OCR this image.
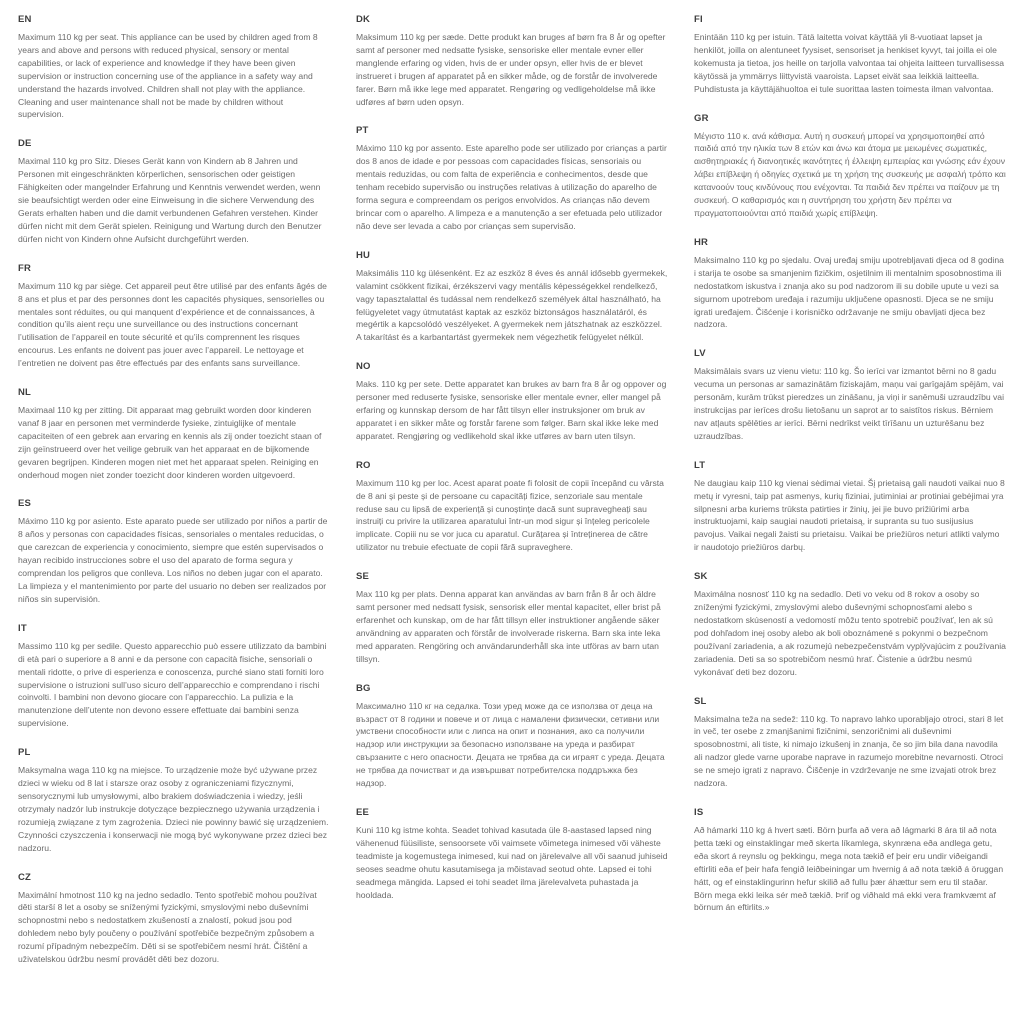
EN

Maximum 110 kg per seat. This appliance can be used by children aged from 8 years and above and persons with reduced physical, sensory or mental capabilities, or lack of experience and knowledge if they have been given supervision or instruction concerning use of the appliance in a safety way and understand the hazards involved. Children shall not play with the appliance. Cleaning and user maintenance shall not be made by children without supervision.

DE

Maximal 110 kg pro Sitz. Dieses Gerät kann von Kindern ab 8 Jahren und Personen mit eingeschränkten körperlichen, sensorischen oder geistigen Fähigkeiten oder mangelnder Erfahrung und Kenntnis verwendet werden, wenn sie beaufsichtigt werden oder eine Einweisung in die sichere Verwendung des Gerats erhalten haben und die damit verbundenen Gefahren verstehen. Kinder dürfen nicht mit dem Gerät spielen. Reinigung und Wartung durch den Benutzer dürfen nicht von Kindern ohne Aufsicht durchgeführt werden.

FR

Maximum 110 kg par siège. Cet appareil peut être utilisé par des enfants âgés de 8 ans et plus et par des personnes dont les capacités physiques, sensorielles ou mentales sont réduites, ou qui manquent d’expérience et de connaissances, à condition qu’ils aient reçu une surveillance ou des instructions concernant l’utilisation de l’appareil en toute sécurité et qu’ils comprennent les risques encourus. Les enfants ne doivent pas jouer avec l’appareil. Le nettoyage et l’entretien ne doivent pas être effectués par des enfants sans surveillance.

NL

Maximaal 110 kg per zitting. Dit apparaat mag gebruikt worden door kinderen vanaf 8 jaar en personen met verminderde fysieke, zintuiglijke of mentale capaciteiten of een gebrek aan ervaring en kennis als zij onder toezicht staan of zijn geïnstrueerd over het veilige gebruik van het apparaat en de bijkomende gevaren begrijpen. Kinderen mogen niet met het apparaat spelen. Reiniging en onderhoud mogen niet zonder toezicht door kinderen worden uitgevoerd.

ES

Máximo 110 kg por asiento. Este aparato puede ser utilizado por niños a partir de 8 años y personas con capacidades físicas, sensoriales o mentales reducidas, o que carezcan de experiencia y conocimiento, siempre que estén supervisados o hayan recibido instrucciones sobre el uso del aparato de forma segura y comprendan los peligros que conlleva. Los niños no deben jugar con el aparato. La limpieza y el mantenimiento por parte del usuario no deben ser realizados por niños sin supervisión.

IT

Massimo 110 kg per sedile. Questo apparecchio può essere utilizzato da bambini di età pari o superiore a 8 anni e da persone con capacità fisiche, sensoriali o mentali ridotte, o prive di esperienza e conoscenza, purché siano stati forniti loro supervisione o istruzioni sull’uso sicuro dell’apparecchio e comprendano i rischi coinvolti. I bambini non devono giocare con l’apparecchio. La pulizia e la manutenzione dell’utente non devono essere effettuate dai bambini senza supervisione.

PL

Maksymalna waga 110 kg na miejsce. To urządzenie może być używane przez dzieci w wieku od 8 lat i starsze oraz osoby z ograniczeniami fizycznymi, sensorycznymi lub umysłowymi, albo brakiem doświadczenia i wiedzy, jeśli otrzymały nadzór lub instrukcje dotyczące bezpiecznego używania urządzenia i rozumieją związane z tym zagrożenia. Dzieci nie powinny bawić się urządzeniem. Czynności czyszczenia i konserwacji nie mogą być wykonywane przez dzieci bez nadzoru.

CZ

Maximální hmotnost 110 kg na jedno sedadlo. Tento spotřebič mohou používat děti starší 8 let a osoby se sníženými fyzickými, smyslovými nebo duševními schopnostmi nebo s nedostatkem zkušeností a znalostí, pokud jsou pod dohledem nebo byly poučeny o používání spotřebiče bezpečným způsobem a rozumí případným nebezpečím. Děti si se spotřebičem nesmí hrát. Čištění a uživatelskou údržbu nesmí provádět děti bez dozoru.

DK

Maksimum 110 kg per sæde. Dette produkt kan bruges af børn fra 8 år og opefter samt af personer med nedsatte fysiske, sensoriske eller mentale evner eller manglende erfaring og viden, hvis de er under opsyn, eller hvis de er blevet instrueret i brugen af apparatet på en sikker måde, og de forstår de involverede farer. Børn må ikke lege med apparatet. Rengøring og vedligeholdelse må ikke udføres af børn uden opsyn.

PT

Máximo 110 kg por assento. Este aparelho pode ser utilizado por crianças a partir dos 8 anos de idade e por pessoas com capacidades físicas, sensoriais ou mentais reduzidas, ou com falta de experiência e conhecimentos, desde que tenham recebido supervisão ou instruções relativas à utilização do aparelho de forma segura e compreendam os perigos envolvidos. As crianças não devem brincar com o aparelho. A limpeza e a manutenção a ser efetuada pelo utilizador não deve ser levada a cabo por crianças sem supervisão.

HU

Maksimális 110 kg ülésenként. Ez az eszköz 8 éves és annál idősebb gyermekek, valamint csökkent fizikai, érzékszervi vagy mentális képességekkel rendelkező, vagy tapasztalattal és tudással nem rendelkező személyek által használható, ha felügyeletet vagy útmutatást kaptak az eszköz biztonságos használatáról, és megértik a kapcsolódó veszélyeket. A gyermekek nem játszhatnak az eszközzel. A takarítást és a karbantartást gyermekek nem végezhetik felügyelet nélkül.

NO

Maks. 110 kg per sete. Dette apparatet kan brukes av barn fra 8 år og oppover og personer med reduserte fysiske, sensoriske eller mentale evner, eller mangel på erfaring og kunnskap dersom de har fått tilsyn eller instruksjoner om bruk av apparatet i en sikker måte og forstår farene som følger. Barn skal ikke leke med apparatet. Rengjøring og vedlikehold skal ikke utføres av barn uten tilsyn.

RO

Maximum 110 kg per loc. Acest aparat poate fi folosit de copii începând cu vârsta de 8 ani și peste și de persoane cu capacități fizice, senzoriale sau mentale reduse sau cu lipsă de experiență și cunoștințe dacă sunt supravegheați sau instruiți cu privire la utilizarea aparatului într-un mod sigur și înțeleg pericolele implicate. Copiii nu se vor juca cu aparatul. Curățarea și întreținerea de către utilizator nu trebuie efectuate de copii fără supraveghere.

SE

Max 110 kg per plats. Denna apparat kan användas av barn från 8 år och äldre samt personer med nedsatt fysisk, sensorisk eller mental kapacitet, eller brist på erfarenhet och kunskap, om de har fått tillsyn eller instruktioner angående säker användning av apparaten och förstår de involverade riskerna. Barn ska inte leka med apparaten. Rengöring och användarunderhåll ska inte utföras av barn utan tillsyn.

BG

Максимално 110 кг на седалка. Този уред може да се използва от деца на възраст от 8 години и повече и от лица с намалени физически, сетивни или умствени способности или с липса на опит и познания, ако са получили надзор или инструкции за безопасно използване на уреда и разбират свързаните с него опасности. Децата не трябва да си играят с уреда. Децата не трябва да почистват и да извършват потребителска поддръжка без надзор.

EE

Kuni 110 kg istme kohta. Seadet tohivad kasutada üle 8-aastased lapsed ning vähenenud füüsiliste, sensoorsete või vaimsete võimetega inimesed või väheste teadmiste ja kogemustega inimesed, kui nad on järelevalve all või saanud juhiseid seoses seadme ohutu kasutamisega ja mõistavad seotud ohte. Lapsed ei tohi seadmega mängida. Lapsed ei tohi seadet ilma järelevalveta puhastada ja hooldada.

FI

Enintään 110 kg per istuin. Tätä laitetta voivat käyttää yli 8-vuotiaat lapset ja henkilöt, joilla on alentuneet fyysiset, sensoriset ja henkiset kyvyt, tai joilla ei ole kokemusta ja tietoa, jos heille on tarjolla valvontaa tai ohjeita laitteen turvallisessa käytössä ja ymmärrys liittyvistä vaaroista. Lapset eivät saa leikkiä laitteella. Puhdistusta ja käyttäjähuoltoa ei tule suorittaa lasten toimesta ilman valvontaa.

GR

Μέγιστο 110 κ. ανά κάθισμα. Αυτή η συσκευή μπορεί να χρησιμοποιηθεί από παιδιά από την ηλικία των 8 ετών και άνω και άτομα με μειωμένες σωματικές, αισθητηριακές ή διανοητικές ικανότητες ή έλλειψη εμπειρίας και γνώσης εάν έχουν λάβει επίβλεψη ή οδηγίες σχετικά με τη χρήση της συσκευής με ασφαλή τρόπο και κατανοούν τους κινδύνους που ενέχονται. Τα παιδιά δεν πρέπει να παίζουν με τη συσκευή. Ο καθαρισμός και η συντήρηση του χρήστη δεν πρέπει να πραγματοποιούνται από παιδιά χωρίς επίβλεψη.

HR

Maksimalno 110 kg po sjedalu. Ovaj uređaj smiju upotrebljavati djeca od 8 godina i starija te osobe sa smanjenim fizičkim, osjetilnim ili mentalnim sposobnostima ili nedostatkom iskustva i znanja ako su pod nadzorom ili su dobile upute u vezi sa sigurnom upotrebom uređaja i razumiju uključene opasnosti. Djeca se ne smiju igrati uređajem. Čišćenje i korisničko održavanje ne smiju obavljati djeca bez nadzora.

LV

Maksimālais svars uz vienu vietu: 110 kg. Šo ierīci var izmantot bērni no 8 gadu vecuma un personas ar samazinātām fiziskajām, maņu vai garīgajām spējām, vai personām, kurām trūkst pieredzes un zināšanu, ja viņi ir sanēmuši uzraudzību vai instrukcijas par ierīces drošu lietošanu un saprot ar to saistītos riskus. Bērniem nav atļauts spēlēties ar ierīci. Bērni nedrīkst veikt tīrīšanu un uzturēšanu bez uzraudzības.

LT

Ne daugiau kaip 110 kg vienai sėdimai vietai. Šį prietaisą gali naudoti vaikai nuo 8 metų ir vyresni, taip pat asmenys, kurių fiziniai, jutiminiai ar protiniai gebėjimai yra silpnesni arba kuriems trūksta patirties ir žinių, jei jie buvo prižiūrimi arba instruktuojami, kaip saugiai naudoti prietaisą, ir supranta su tuo susijusius pavojus. Vaikai negali žaisti su prietaisu. Vaikai be priežiūros neturi atlikti valymo ir naudotojo priežiūros darbų.

SK

Maximálna nosnosť 110 kg na sedadlo. Deti vo veku od 8 rokov a osoby so zníženými fyzickými, zmyslovými alebo duševnými schopnosťami alebo s nedostatkom skúseností a vedomostí môžu tento spotrebič používať, len ak sú pod dohľadom inej osoby alebo ak boli oboznámené s pokynmi o bezpečnom používaní zariadenia, a ak rozumejú nebezpečenstvám vyplývajúcim z používania zariadenia. Deti sa so spotrebičom nesmú hrať. Čistenie a údržbu nesmú vykonávať deti bez dozoru.

SL

Maksimalna teža na sedež: 110 kg. To napravo lahko uporabljajo otroci, stari 8 let in več, ter osebe z zmanjšanimi fizičnimi, senzoričnimi ali duševnimi sposobnostmi, ali tiste, ki nimajo izkušenj in znanja, če so jim bila dana navodila ali nadzor glede varne uporabe naprave in razumejo morebitne nevarnosti. Otroci se ne smejo igrati z napravo. Čiščenje in vzdrževanje ne sme izvajati otrok brez nadzora.

IS

Að hámarki 110 kg á hvert sæti. Börn þurfa að vera að lágmarki 8 ára til að nota þetta tæki og einstaklingar með skerta líkamlega, skynræna eða andlega getu, eða skort á reynslu og þekkingu, mega nota tækið ef þeir eru undir viðeigandi eftirliti eða ef þeir hafa fengið leiðbeiningar um hvernig á að nota tækið á öruggan hátt, og ef einstaklingurinn hefur skilið að fullu þær áhættur sem eru til staðar. Börn mega ekki leika sér með tækið. Þrif og viðhald má ekki vera framkvæmt af börnum án eftirlits.»
